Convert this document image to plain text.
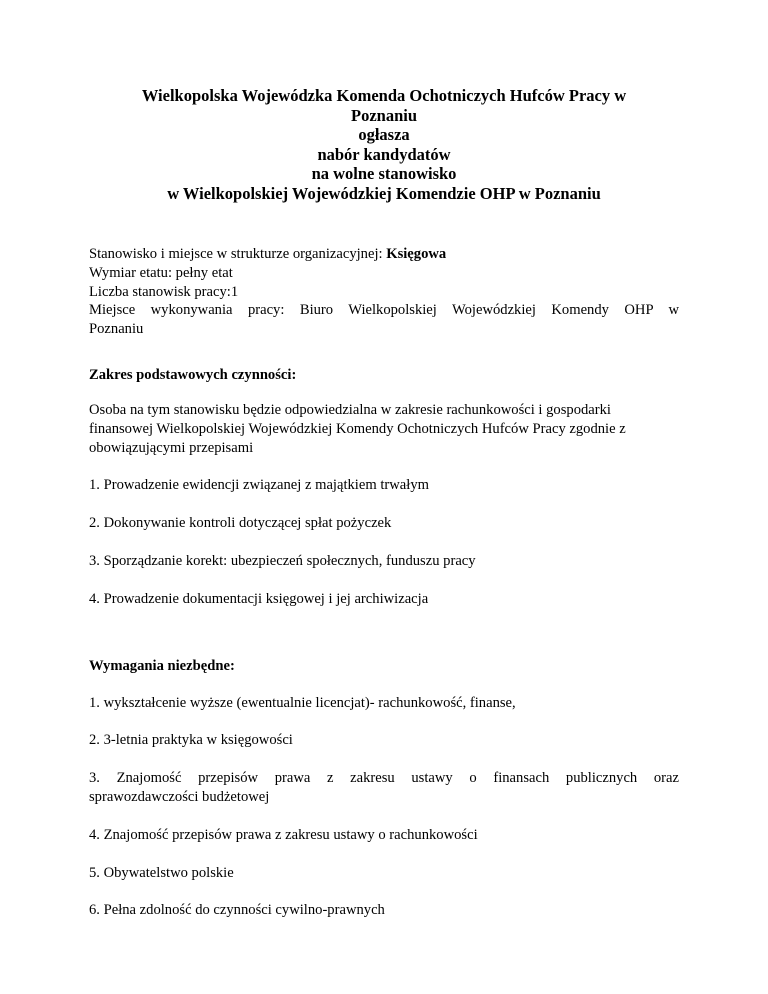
Wielkopolska Wojewódzka Komenda Ochotniczych Hufców Pracy w
Poznaniu
ogłasza
nabór kandydatów
na wolne stanowisko
w Wielkopolskiej Wojewódzkiej Komendzie OHP w Poznaniu
Stanowisko i miejsce w strukturze organizacyjnej: Księgowa
Wymiar etatu: pełny etat
Liczba stanowisk pracy:1
Miejsce wykonywania pracy: Biuro Wielkopolskiej Wojewódzkiej Komendy OHP w
Poznaniu
Zakres podstawowych czynności:
Osoba na tym stanowisku będzie odpowiedzialna w zakresie rachunkowości i gospodarki
finansowej Wielkopolskiej Wojewódzkiej Komendy Ochotniczych Hufców Pracy zgodnie z
obowiązującymi przepisami
1. Prowadzenie ewidencji związanej z majątkiem trwałym
2. Dokonywanie kontroli dotyczącej spłat pożyczek
3. Sporządzanie korekt: ubezpieczeń społecznych, funduszu pracy
4. Prowadzenie dokumentacji księgowej i jej archiwizacja
Wymagania niezbędne:
1. wykształcenie wyższe (ewentualnie licencjat)- rachunkowość, finanse,
2. 3-letnia praktyka w księgowości
3. Znajomość przepisów prawa z zakresu ustawy o finansach publicznych oraz
sprawozdawczości budżetowej
4. Znajomość przepisów prawa z zakresu ustawy o rachunkowości
5. Obywatelstwo polskie
6. Pełna zdolność do czynności cywilno-prawnych
